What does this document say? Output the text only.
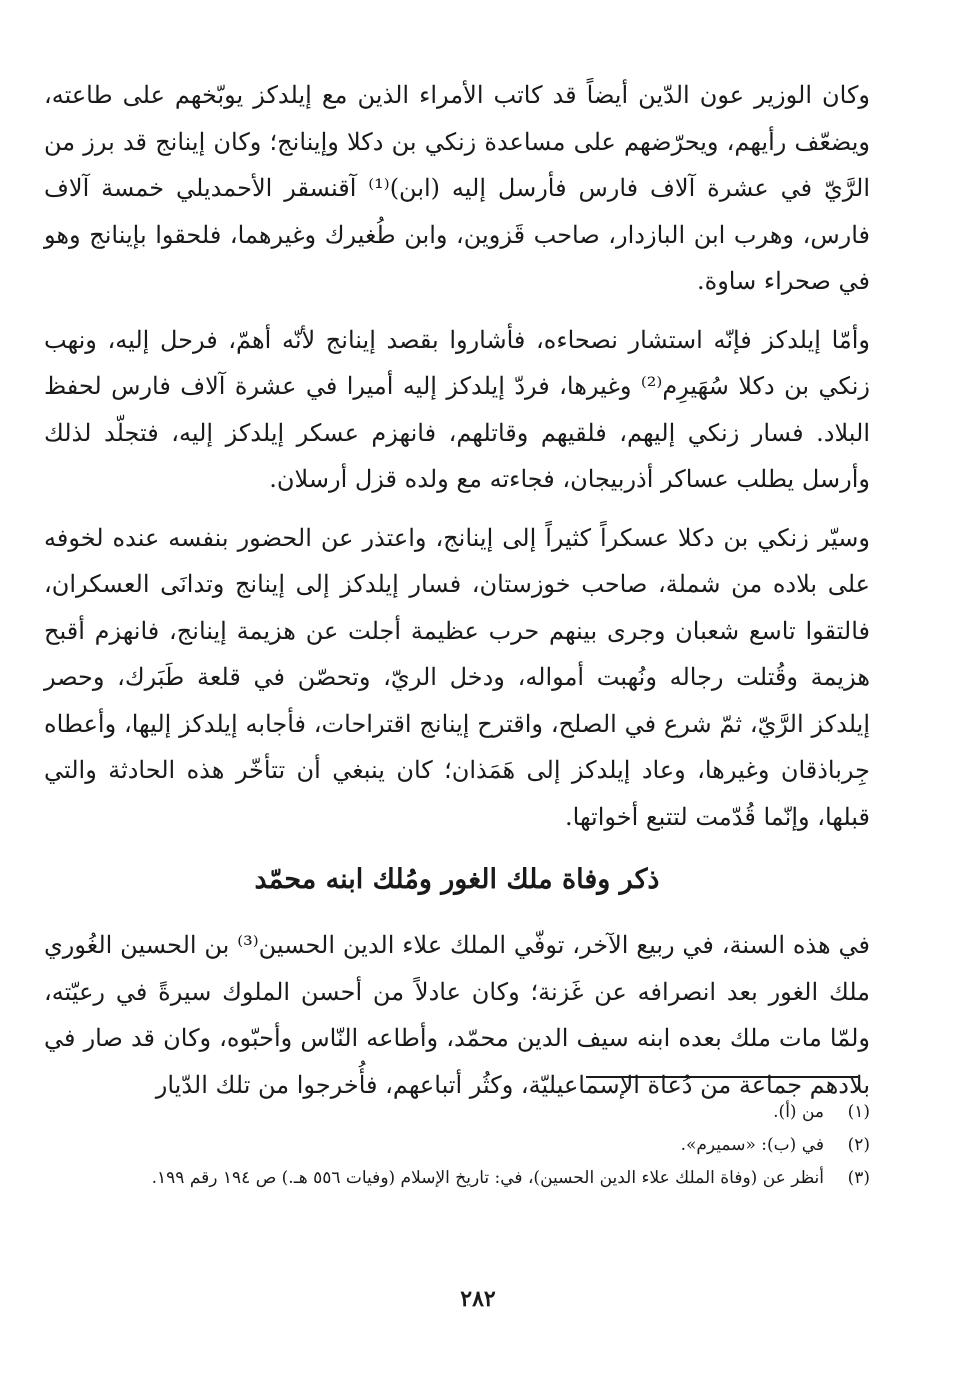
وكان الوزير عون الدّين أيضاً قد كاتب الأمراء الذين مع إيلدكز يوبّخهم على طاعته، ويضعّف رأيهم، ويحرّضهم على مساعدة زنكي بن دكلا وإينانج؛ وكان إينانج قد برز من الرَّيّ في عشرة آلاف فارس فأرسل إليه (ابن)⁽¹⁾ آقنسقر الأحمديلي خمسة آلاف فارس، وهرب ابن البازدار، صاحب قَزوين، وابن طُغيرك وغيرهما، فلحقوا بإينانج وهو في صحراء ساوة.

وأمّا إيلدكز فإنّه استشار نصحاءه، فأشاروا بقصد إينانج لأنّه أهمّ، فرحل إليه، ونهب زنكي بن دكلا سُهَيرِم⁽²⁾ وغيرها، فردّ إيلدكز إليه أميرا في عشرة آلاف فارس لحفظ البلاد. فسار زنكي إليهم، فلقيهم وقاتلهم، فانهزم عسكر إيلدكز إليه، فتجلّد لذلك وأرسل يطلب عساكر أذربيجان، فجاءته مع ولده قزل أرسلان.

وسيّر زنكي بن دكلا عسكراً كثيراً إلى إينانج، واعتذر عن الحضور بنفسه عنده لخوفه على بلاده من شملة، صاحب خوزستان، فسار إيلدكز إلى إينانج وتدانَى العسكران، فالتقوا تاسع شعبان وجرى بينهم حرب عظيمة أجلت عن هزيمة إينانج، فانهزم أقبح هزيمة وقُتلت رجاله ونُهبت أمواله، ودخل الريّ، وتحصّن في قلعة طَبَرك، وحصر إيلدكز الرَّيّ، ثمّ شرع في الصلح، واقترح إينانج اقتراحات، فأجابه إيلدكز إليها، وأعطاه جِرباذقان وغيرها، وعاد إيلدكز إلى هَمَذان؛ كان ينبغي أن تتأخّر هذه الحادثة والتي قبلها، وإنّما قُدّمت لتتبع أخواتها.

ذكر وفاة ملك الغور ومُلك ابنه محمّد

في هذه السنة، في ربيع الآخر، توفّي الملك علاء الدين الحسين⁽³⁾ بن الحسين الغُوري ملك الغور بعد انصرافه عن غَزنة؛ وكان عادلاً من أحسن الملوك سيرةً في رعيّته، ولمّا مات ملك بعده ابنه سيف الدين محمّد، وأطاعه النّاس وأحبّوه، وكان قد صار في بلادهم جماعة من دُعاة الإسماعيليّة، وكثُر أتباعهم، فأُخرجوا من تلك الدّيار

(١)
من (أ).
(٢)
في (ب): «سميرم».
(٣)
أنظر عن (وفاة الملك علاء الدين الحسين)، في: تاريخ الإسلام (وفيات ٥٥٦ هـ.) ص ١٩٤ رقم ١٩٩.
٢٨٢
